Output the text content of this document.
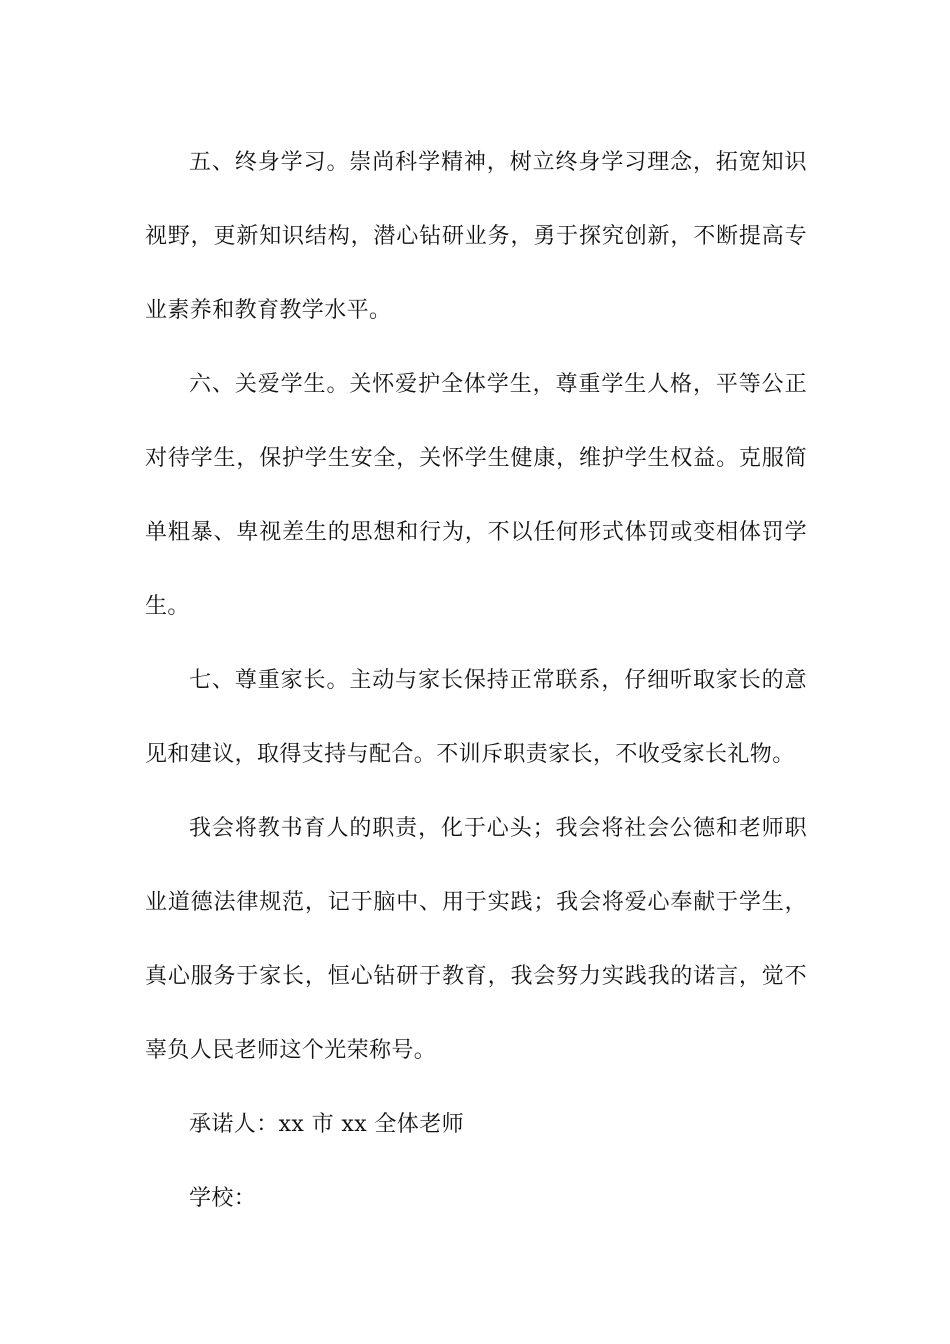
五、终身学习。崇尚科学精神，树立终身学习理念，拓宽知识视野，更新知识结构，潜心钻研业务，勇于探究创新，不断提高专业素养和教育教学水平。

六、关爱学生。关怀爱护全体学生，尊重学生人格，平等公正对待学生，保护学生安全，关怀学生健康，维护学生权益。克服简单粗暴、卑视差生的思想和行为，不以任何形式体罚或变相体罚学生。

七、尊重家长。主动与家长保持正常联系，仔细听取家长的意见和建议，取得支持与配合。不训斥职责家长，不收受家长礼物。

我会将教书育人的职责，化于心头；我会将社会公德和老师职业道德法律规范，记于脑中、用于实践；我会将爱心奉献于学生，真心服务于家长，恒心钻研于教育，我会努力实践我的诺言，觉不辜负人民老师这个光荣称号。

承诺人：xx 市 xx 全体老师

学校：
